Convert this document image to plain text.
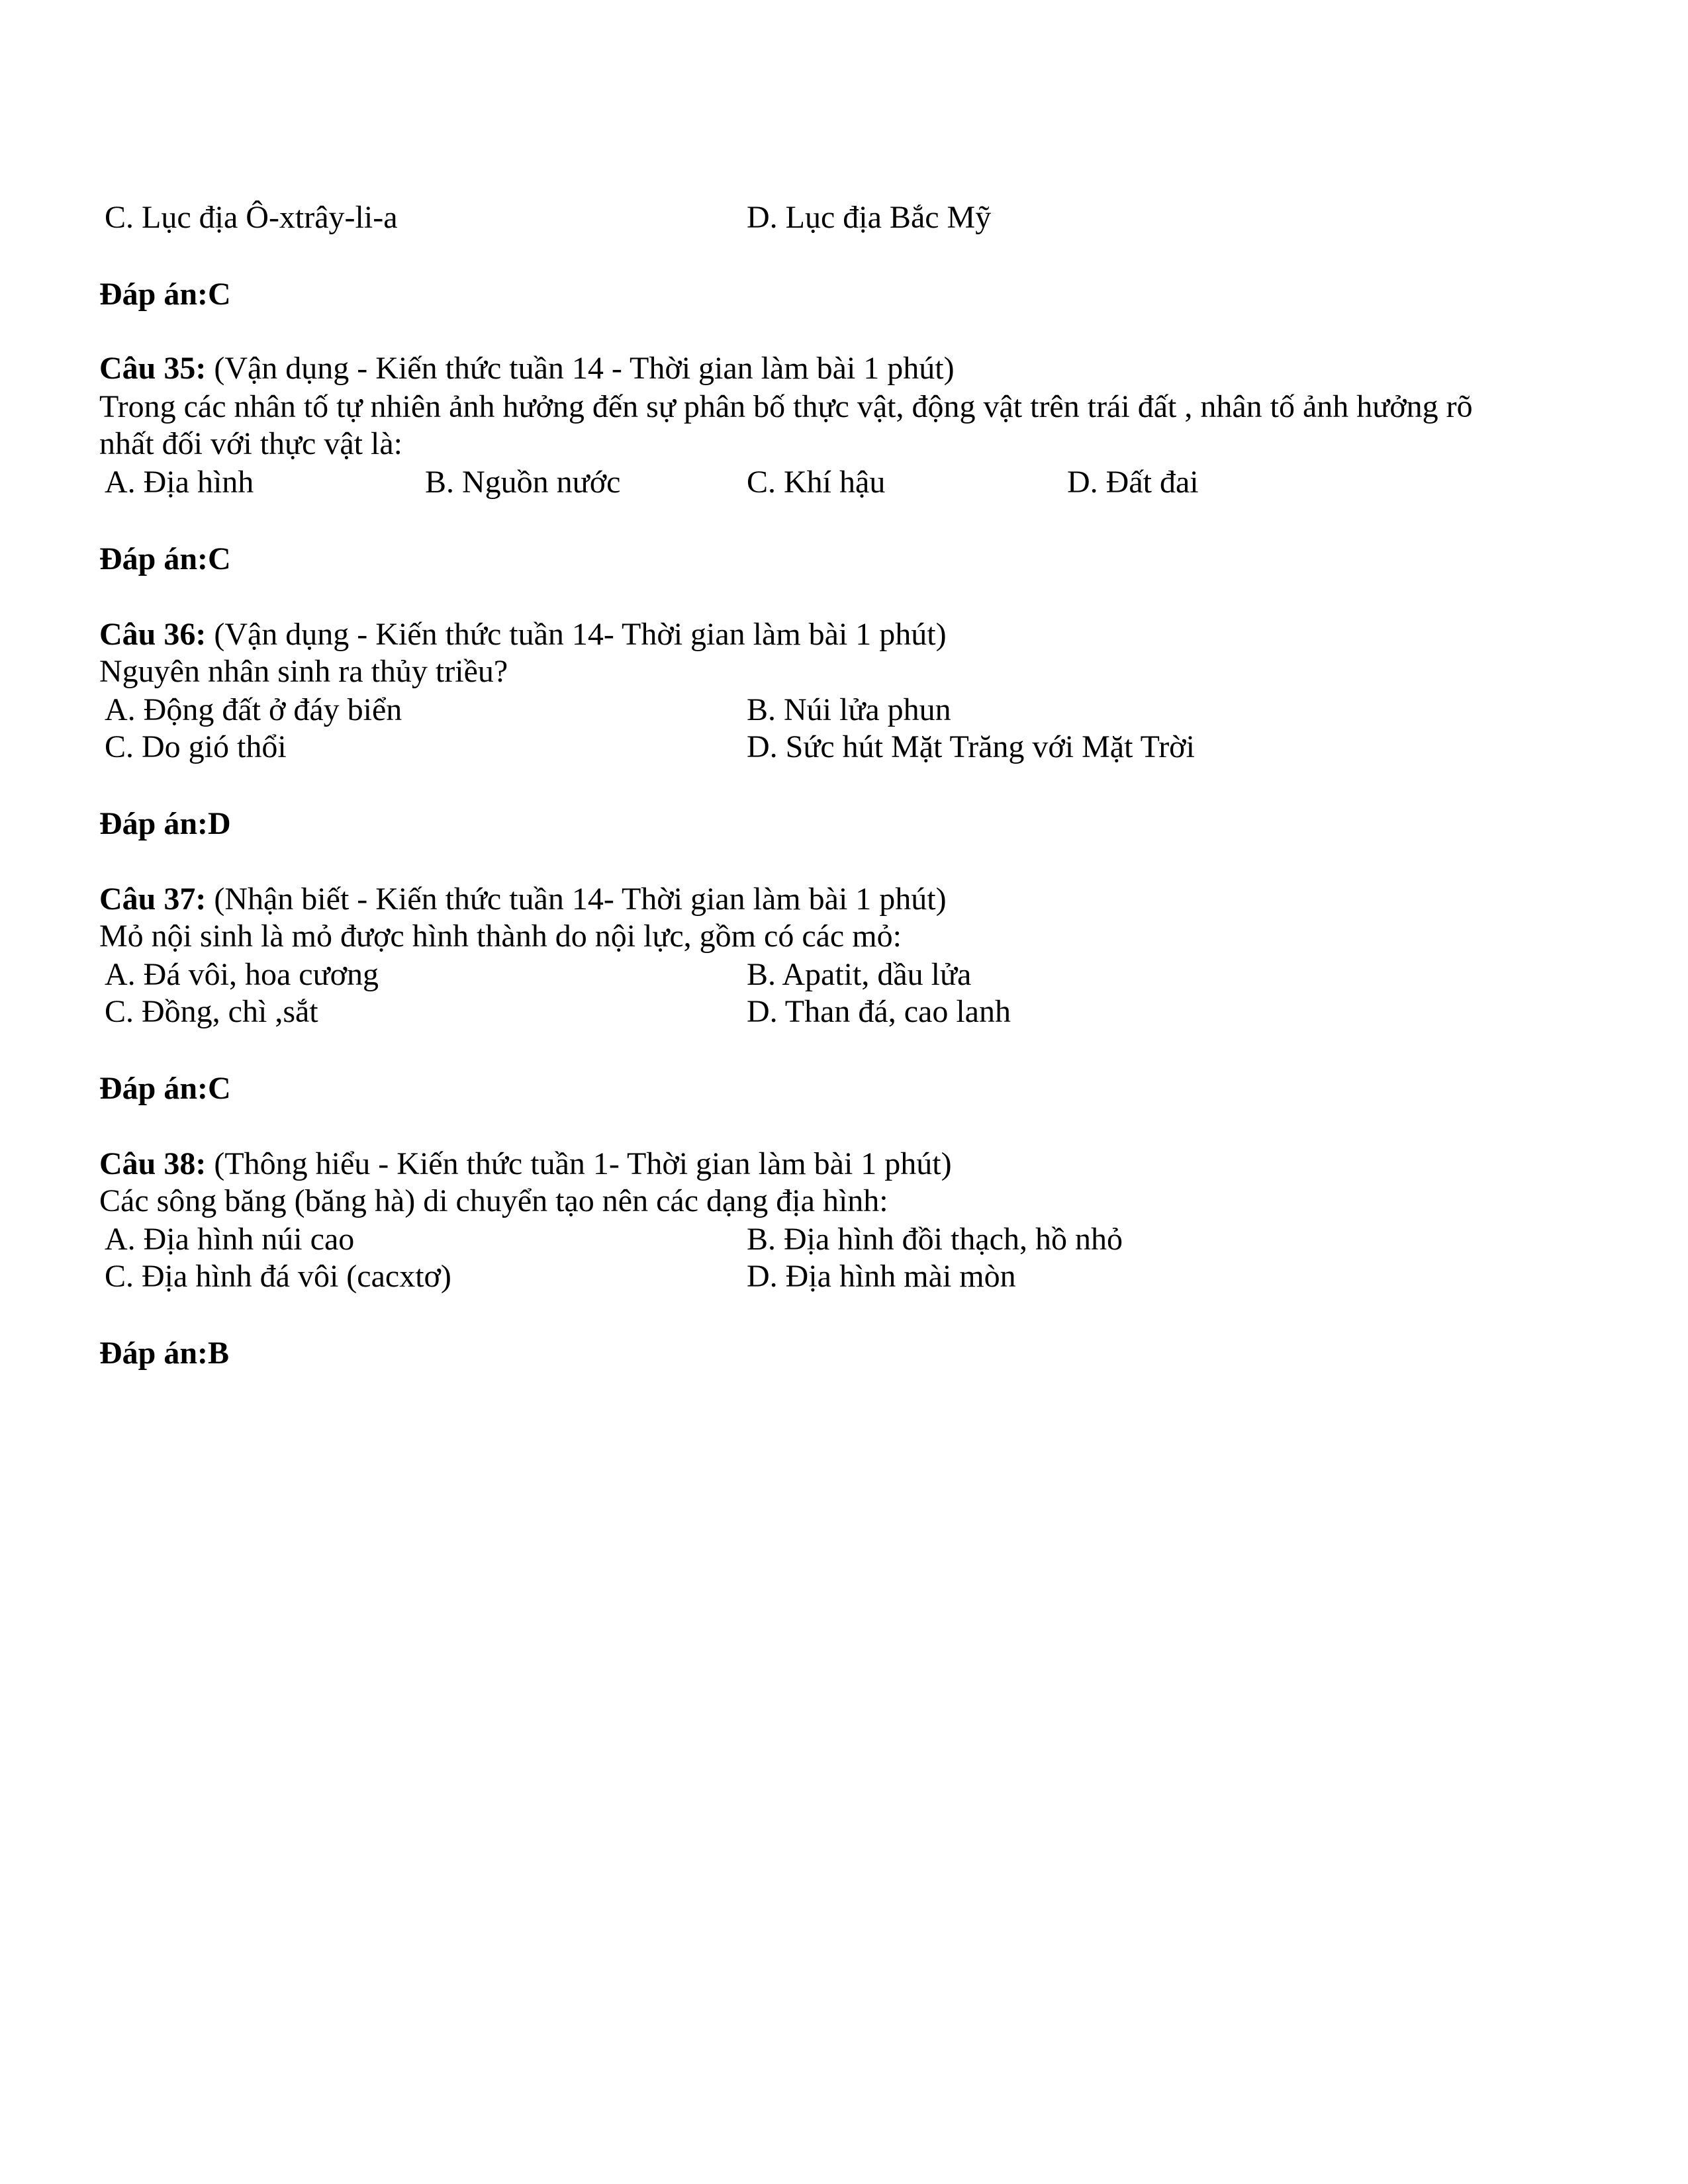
C. Lục địa Ô-xtrây-li-a	D. Lục địa Bắc Mỹ
Đáp án:C
Câu 35: (Vận dụng - Kiến thức tuần 14 - Thời gian làm bài 1 phút)
Trong các nhân tố tự nhiên ảnh hưởng đến sự phân bố thực vật, động vật trên trái đất , nhân tố ảnh hưởng rõ
nhất đối với thực vật là:
A. Địa hình	B. Nguồn nước	C. Khí hậu	D. Đất đai
Đáp án:C
Câu 36: (Vận dụng - Kiến thức tuần 14- Thời gian làm bài 1 phút)
Nguyên nhân sinh ra thủy triều?
A. Động đất ở đáy biển	B. Núi lửa phun
C. Do gió thổi	D. Sức hút Mặt Trăng với Mặt Trời
Đáp án:D
Câu 37: (Nhận biết - Kiến thức tuần 14- Thời gian làm bài 1 phút)
Mỏ nội sinh là mỏ được hình thành do nội lực, gồm có các mỏ:
A. Đá vôi, hoa cương	B. Apatit, dầu lửa
C. Đồng, chì ,sắt	D. Than đá, cao lanh
Đáp án:C
Câu 38: (Thông hiểu - Kiến thức tuần 1- Thời gian làm bài 1 phút)
Các sông băng (băng hà) di chuyển tạo nên các dạng địa hình:
A. Địa hình núi cao	B. Địa hình đồi thạch, hồ nhỏ
C. Địa hình đá vôi (cacxtơ)	D. Địa hình mài mòn
Đáp án:B
